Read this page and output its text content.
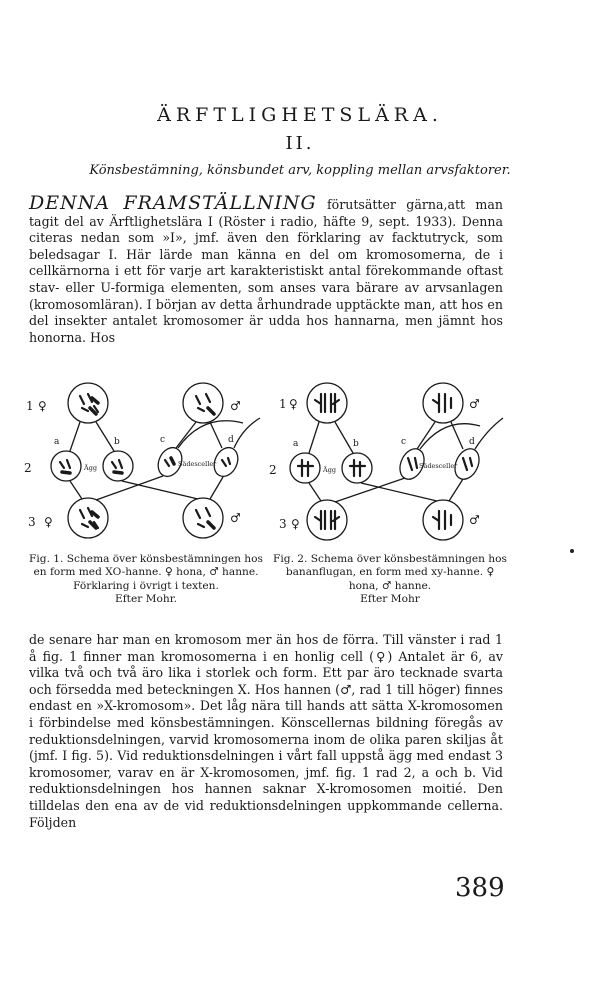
ÄRFTLIGHETSLÄRA.
II.
Könsbestämning, könsbundet arv, koppling mellan arvsfaktorer.

DENNA FRAMSTÄLLNING förutsätter gärna,att man tagit del av Ärftlighetslära I (Röster i radio, häfte 9, sept. 1933). Denna citeras nedan som »I», jmf. även den förklaring av facktutryck, som beledsagar I. Här lärde man känna en del om kromosomerna, de i cellkärnorna i ett för varje art karakteristiskt antal förekommande oftast stav- eller U-formiga elementen, som anses vara bärare av arvsanlagen (kromosomläran). I början av detta århundrade upptäckte man, att hos en del insekter antalet kromosomer är udda hos hannarna, men jämnt hos honorna. Hos

1 ♀	♂
2
a	b	c	d
Ägg	Sädesceller
3 ♀	♂
1 ♀	♂
2
a	b	c	d
Ägg	Sädesceller
3 ♀	♂
Fig. 1. Schema över könsbestämningen hos en form med XO-hanne. ♀ hona, ♂ hanne. Förklaring i övrigt i texten.
Efter Mohr.
Fig. 2. Schema över könsbestämningen hos bananflugan, en form med xy-hanne. ♀ hona, ♂ hanne.
Efter Mohr

de senare har man en kromosom mer än hos de förra. Till vänster i rad 1 å fig. 1 finner man kromosomerna i en honlig cell (♀) Antalet är 6, av vilka två och två äro lika i storlek och form. Ett par äro tecknade svarta och försedda med beteckningen X. Hos hannen (♂, rad 1 till höger) finnes endast en »X-kromosom». Det låg nära till hands att sätta X-kromosomen i förbindelse med könsbestämningen. Könscellernas bildning föregås av reduktionsdelningen, varvid kromosomerna inom de olika paren skiljas åt (jmf. I fig. 5). Vid reduktionsdelningen i vårt fall uppstå ägg med endast 3 kromosomer, varav en är X-kromosomen, jmf. fig. 1 rad 2, a och b. Vid reduktionsdelningen hos hannen saknar X-kromosomen moitié. Den tilldelas den ena av de vid reduktionsdelningen uppkommande cellerna. Följden

389
